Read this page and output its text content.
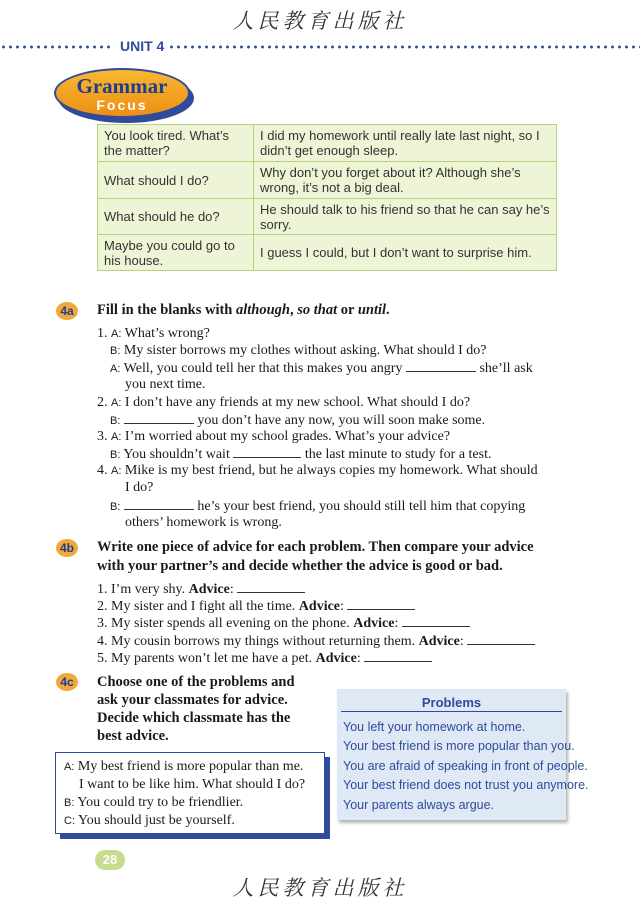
人民教育出版社
UNIT 4
Grammar
Focus
You look tired. What’s the matter?	I did my homework until really late last night, so I didn’t get enough sleep.
What should I do?	Why don’t you forget about it? Although she’s wrong, it’s not a big deal.
What should he do?	He should talk to his friend so that he can say he’s sorry.
Maybe you could go to his house.	I guess I could, but I don’t want to surprise him.
4a Fill in the blanks with although, so that or until.
1. A: What’s wrong?
B: My sister borrows my clothes without asking. What should I do?
A: Well, you could tell her that this makes you angry	she’ll ask
you next time.
2. A: I don’t have any friends at my new school. What should I do?
B:	you don’t have any now, you will soon make some.
3. A: I’m worried about my school grades. What’s your advice?
B: You shouldn’t wait	the last minute to study for a test.
4. A: Mike is my best friend, but he always copies my homework. What should
I do?
B:	he’s your best friend, you should still tell him that copying
others’ homework is wrong.
4b Write one piece of advice for each problem. Then compare your advice
with your partner’s and decide whether the advice is good or bad.
1. I’m very shy. Advice:
2. My sister and I fight all the time. Advice:
3. My sister spends all evening on the phone. Advice:
4. My cousin borrows my things without returning them. Advice:
5. My parents won’t let me have a pet. Advice:
4c Choose one of the problems and
ask your classmates for advice.
Decide which classmate has the
best advice.
Problems
You left your homework at home.
Your best friend is more popular than you.
You are afraid of speaking in front of people.
Your best friend does not trust you anymore.
Your parents always argue.
A: My best friend is more popular than me.
I want to be like him. What should I do?
B: You could try to be friendlier.
C: You should just be yourself.
28
人民教育出版社
